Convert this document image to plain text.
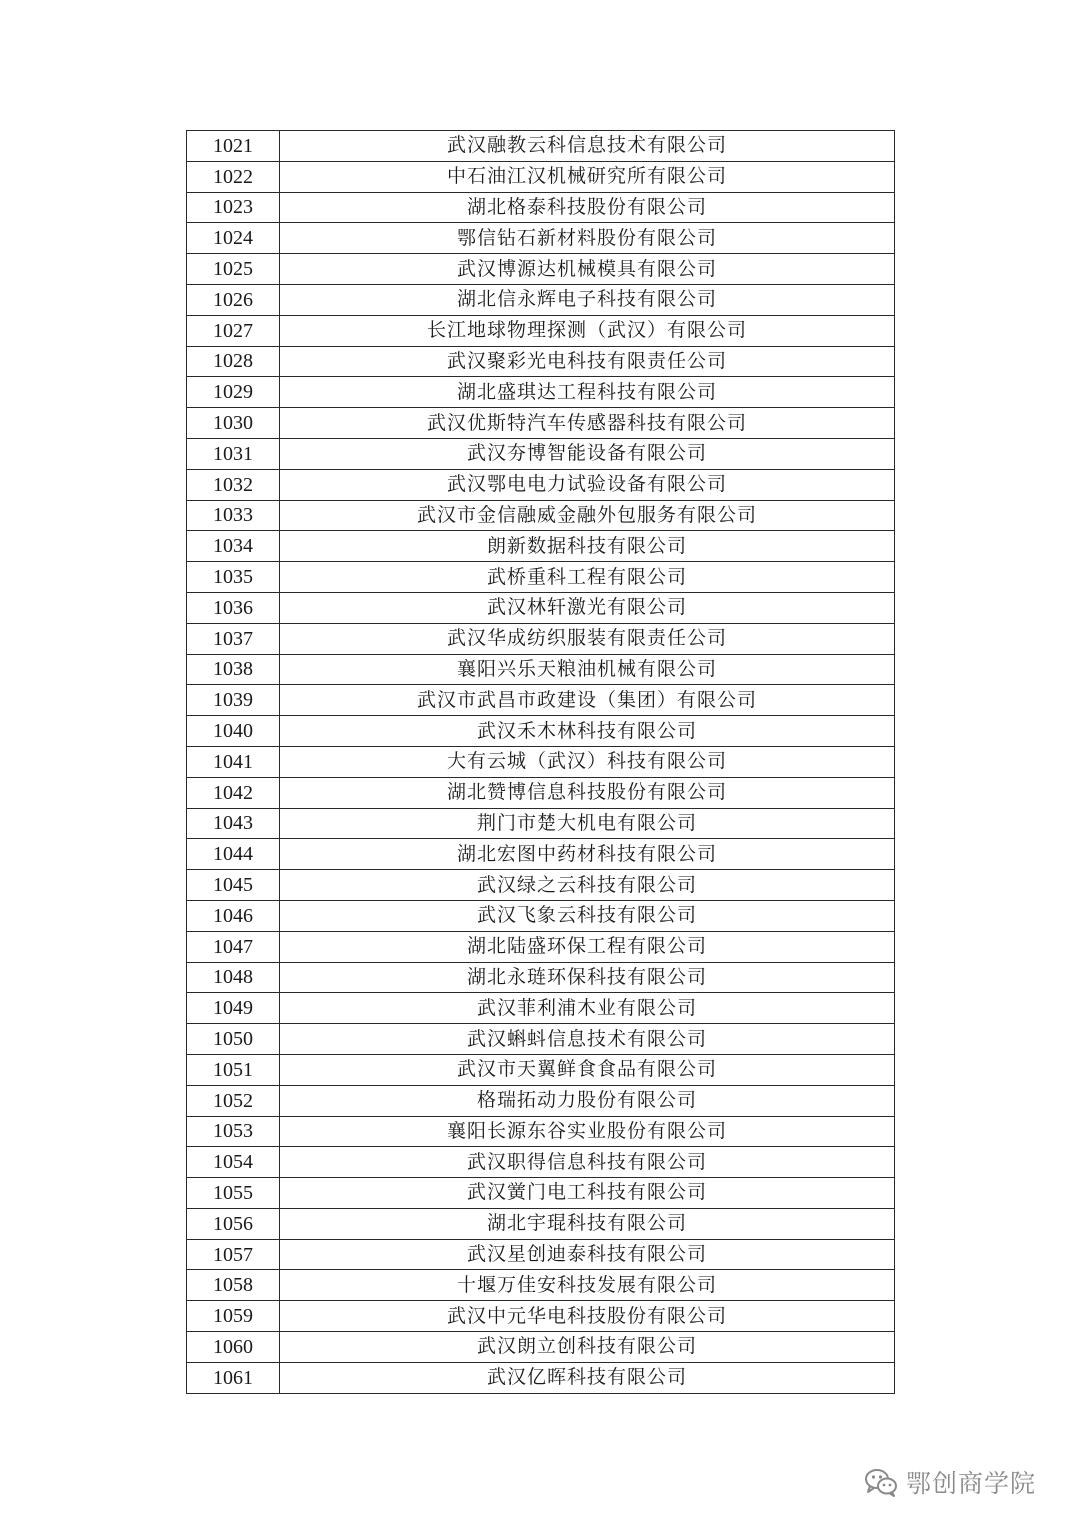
1021	武汉融教云科信息技术有限公司
1022	中石油江汉机械研究所有限公司
1023	湖北格泰科技股份有限公司
1024	鄂信钻石新材料股份有限公司
1025	武汉博源达机械模具有限公司
1026	湖北信永辉电子科技有限公司
1027	长江地球物理探测（武汉）有限公司
1028	武汉聚彩光电科技有限责任公司
1029	湖北盛琪达工程科技有限公司
1030	武汉优斯特汽车传感器科技有限公司
1031	武汉夯博智能设备有限公司
1032	武汉鄂电电力试验设备有限公司
1033	武汉市金信融威金融外包服务有限公司
1034	朗新数据科技有限公司
1035	武桥重科工程有限公司
1036	武汉林轩激光有限公司
1037	武汉华成纺织服装有限责任公司
1038	襄阳兴乐天粮油机械有限公司
1039	武汉市武昌市政建设（集团）有限公司
1040	武汉禾木林科技有限公司
1041	大有云城（武汉）科技有限公司
1042	湖北赞博信息科技股份有限公司
1043	荆门市楚大机电有限公司
1044	湖北宏图中药材科技有限公司
1045	武汉绿之云科技有限公司
1046	武汉飞象云科技有限公司
1047	湖北陆盛环保工程有限公司
1048	湖北永琏环保科技有限公司
1049	武汉菲利浦木业有限公司
1050	武汉蝌蚪信息技术有限公司
1051	武汉市天翼鲜食食品有限公司
1052	格瑞拓动力股份有限公司
1053	襄阳长源东谷实业股份有限公司
1054	武汉职得信息科技有限公司
1055	武汉黉门电工科技有限公司
1056	湖北宇琨科技有限公司
1057	武汉星创迪泰科技有限公司
1058	十堰万佳安科技发展有限公司
1059	武汉中元华电科技股份有限公司
1060	武汉朗立创科技有限公司
1061	武汉亿晖科技有限公司
鄂创商学院
